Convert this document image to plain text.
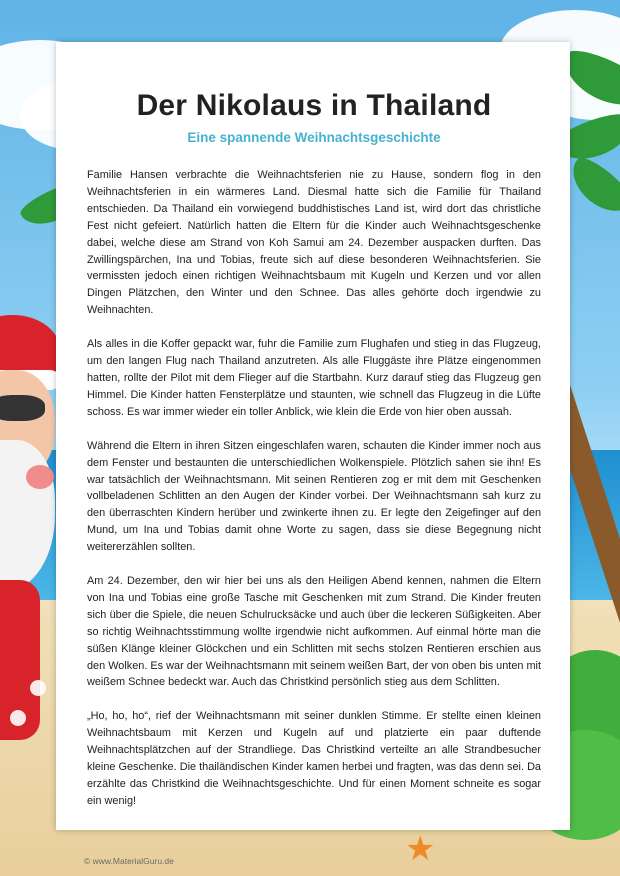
★
Der Nikolaus in Thailand
Eine spannende Weihnachtsgeschichte

Familie Hansen verbrachte die Weihnachtsferien nie zu Hause, sondern flog in den Weihnachtsferien in ein wärmeres Land. Diesmal hatte sich die Familie für Thailand entschieden. Da Thailand ein vorwiegend buddhistisches Land ist, wird dort das christliche Fest nicht gefeiert. Natürlich hatten die Eltern für die Kinder auch Weihnachtsgeschenke dabei, welche diese am Strand von Koh Samui am 24. Dezember auspacken durften. Das Zwillingspärchen, Ina und Tobias, freute sich auf diese besonderen Weihnachtsferien. Sie vermissten jedoch einen richtigen Weihnachtsbaum mit Kugeln und Kerzen und vor allen Dingen Plätzchen, den Winter und den Schnee. Das alles gehörte doch irgendwie zu Weihnachten.

Als alles in die Koffer gepackt war, fuhr die Familie zum Flughafen und stieg in das Flugzeug, um den langen Flug nach Thailand anzutreten. Als alle Fluggäste ihre Plätze eingenommen hatten, rollte der Pilot mit dem Flieger auf die Startbahn. Kurz darauf stieg das Flugzeug gen Himmel. Die Kinder hatten Fensterplätze und staunten, wie schnell das Flugzeug in die Lüfte schoss. Es war immer wieder ein toller Anblick, wie klein die Erde von hier oben aussah.

Während die Eltern in ihren Sitzen eingeschlafen waren, schauten die Kinder immer noch aus dem Fenster und bestaunten die unterschiedlichen Wolkenspiele. Plötzlich sahen sie ihn! Es war tatsächlich der Weihnachtsmann. Mit seinen Rentieren zog er mit dem mit Geschenken vollbeladenen Schlitten an den Augen der Kinder vorbei. Der Weihnachtsmann sah kurz zu den überraschten Kindern herüber und zwinkerte ihnen zu. Er legte den Zeigefinger auf den Mund, um Ina und Tobias damit ohne Worte zu sagen, dass sie diese Begegnung nicht weitererzählen sollten.

Am 24. Dezember, den wir hier bei uns als den Heiligen Abend kennen, nahmen die Eltern von Ina und Tobias eine große Tasche mit Geschenken mit zum Strand. Die Kinder freuten sich über die Spiele, die neuen Schulrucksäcke und auch über die leckeren Süßigkeiten. Aber so richtig Weihnachtsstimmung wollte irgendwie nicht aufkommen. Auf einmal hörte man die süßen Klänge kleiner Glöckchen und ein Schlitten mit sechs stolzen Rentieren erschien aus den Wolken. Es war der Weihnachtsmann mit seinem weißen Bart, der von oben bis unten mit weißem Schnee bedeckt war. Auch das Christkind persönlich stieg aus dem Schlitten.

„Ho, ho, ho“, rief der Weihnachtsmann mit seiner dunklen Stimme. Er stellte einen kleinen Weihnachtsbaum mit Kerzen und Kugeln auf und platzierte ein paar duftende Weihnachtsplätzchen auf der Strandliege. Das Christkind verteilte an alle Strandbesucher kleine Geschenke. Die thailändischen Kinder kamen herbei und fragten, was das denn sei. Da erzählte das Christkind die Weihnachtsgeschichte. Und für einen Moment schneite es sogar ein wenig!

© www.MaterialGuru.de
